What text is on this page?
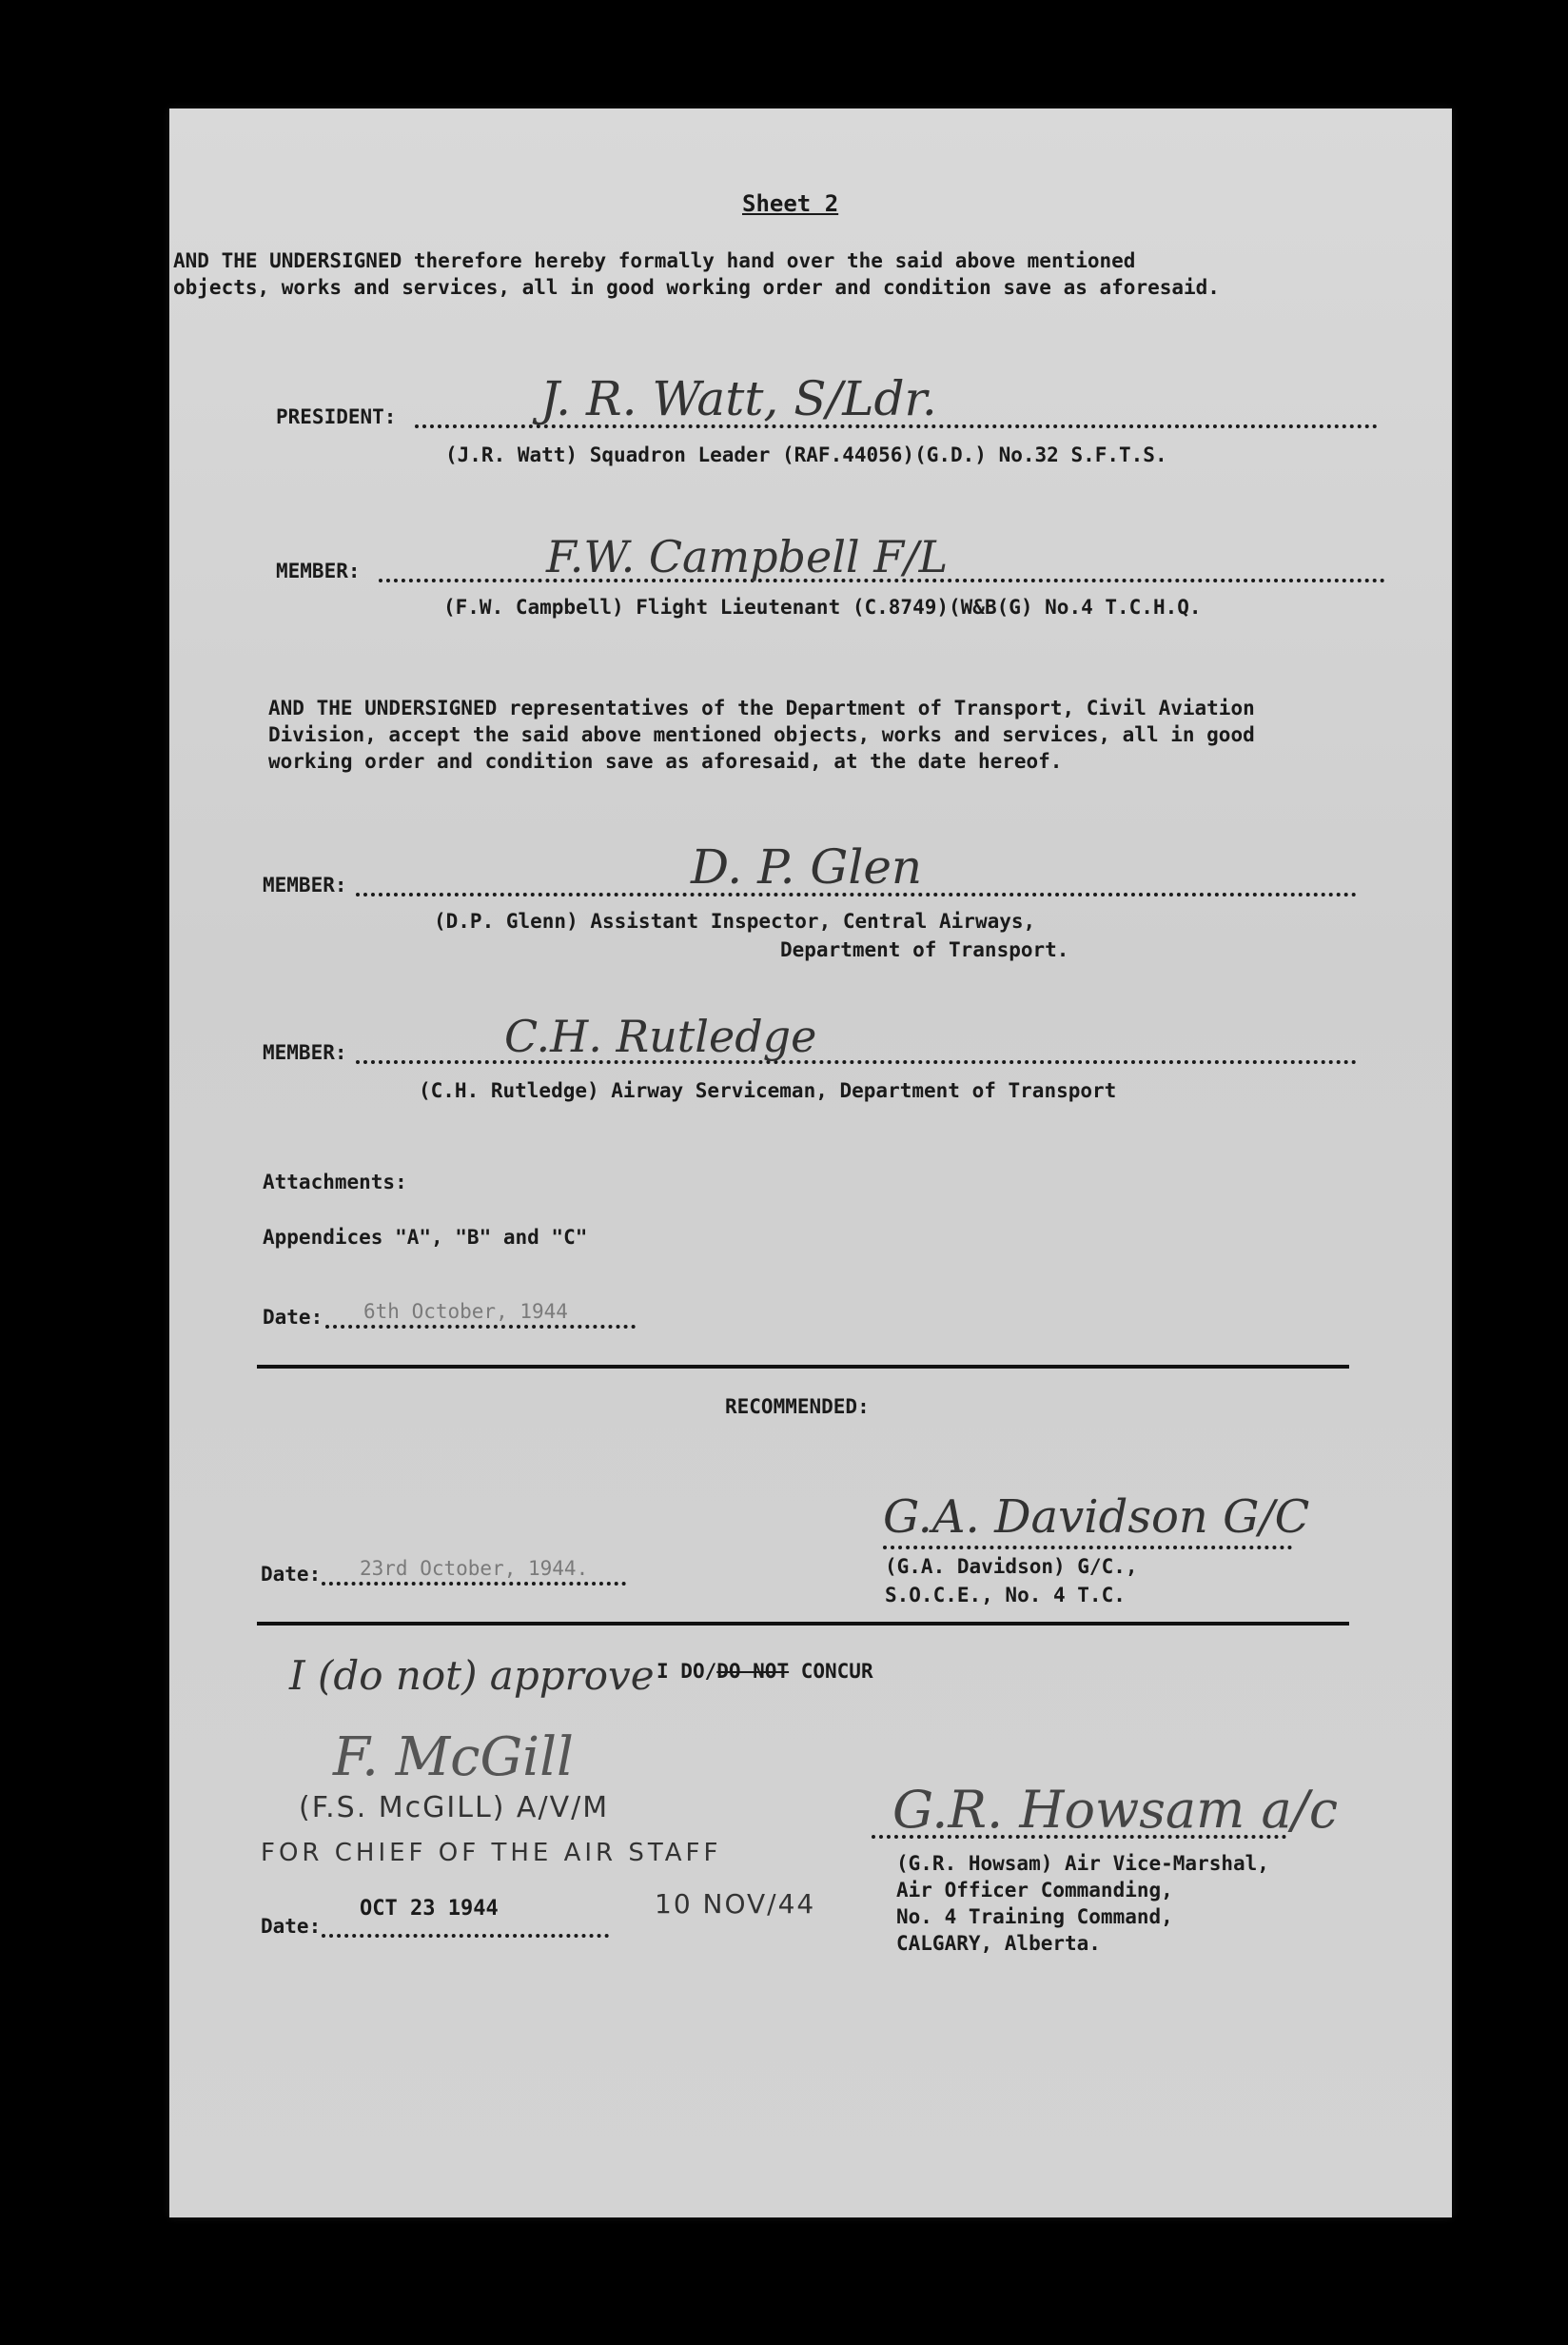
Sheet 2
AND THE UNDERSIGNED therefore hereby formally hand over the said above mentioned
objects, works and services, all in good working order and condition save as aforesaid.
PRESIDENT:	J. R. Watt, S/Ldr.
(J.R. Watt) Squadron Leader (RAF.44056)(G.D.) No.32 S.F.T.S.
MEMBER:	F.W. Campbell F/L
(F.W. Campbell) Flight Lieutenant (C.8749)(W&B(G) No.4 T.C.H.Q.
AND THE UNDERSIGNED representatives of the Department of Transport, Civil Aviation
Division, accept the said above mentioned objects, works and services, all in good
working order and condition save as aforesaid, at the date hereof.
MEMBER:	D. P. Glen
(D.P. Glenn) Assistant Inspector, Central Airways,
Department of Transport.
MEMBER:	C.H. Rutledge
(C.H. Rutledge) Airway Serviceman, Department of Transport
Attachments:
Appendices "A", "B" and "C"
Date: 6th October, 1944
RECOMMENDED:
G.A. Davidson G/C
Date: 23rd October, 1944.	(G.A. Davidson) G/C.,
S.O.C.E., No. 4 T.C.
I (do not) approve I DO/DO NOT CONCUR
F. McGill
(F.S. McGILL) A/V/M
FOR CHIEF OF THE AIR STAFF
Date:
OCT 23 1944	10 NOV/44
G.R. Howsam a/c
(G.R. Howsam) Air Vice-Marshal,
Air Officer Commanding,
No. 4 Training Command,
CALGARY, Alberta.
